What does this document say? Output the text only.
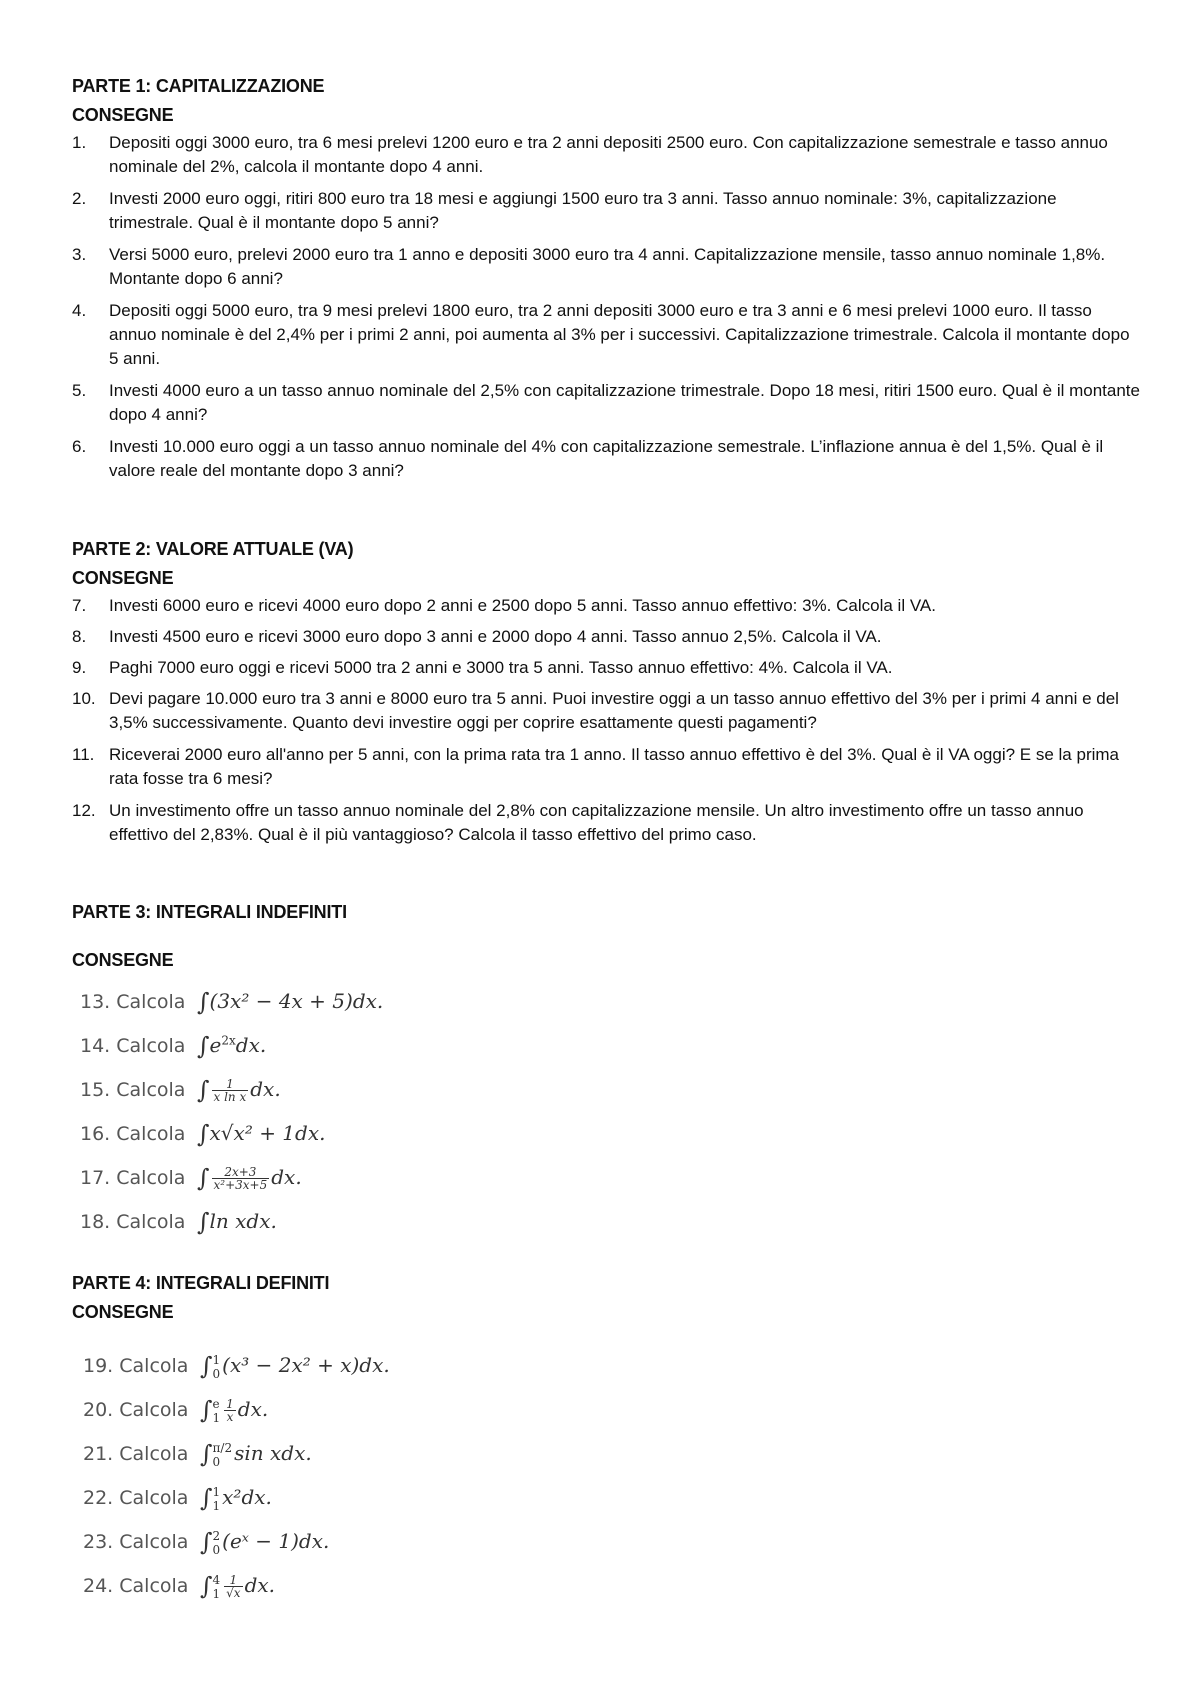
PARTE 1: CAPITALIZZAZIONE
CONSEGNE
1. Depositi oggi 3000 euro, tra 6 mesi prelevi 1200 euro e tra 2 anni depositi 2500 euro. Con capitalizzazione semestrale e tasso annuo nominale del 2%, calcola il montante dopo 4 anni.
2. Investi 2000 euro oggi, ritiri 800 euro tra 18 mesi e aggiungi 1500 euro tra 3 anni. Tasso annuo nominale: 3%, capitalizzazione trimestrale. Qual è il montante dopo 5 anni?
3. Versi 5000 euro, prelevi 2000 euro tra 1 anno e depositi 3000 euro tra 4 anni. Capitalizzazione mensile, tasso annuo nominale 1,8%. Montante dopo 6 anni?
4. Depositi oggi 5000 euro, tra 9 mesi prelevi 1800 euro, tra 2 anni depositi 3000 euro e tra 3 anni e 6 mesi prelevi 1000 euro. Il tasso annuo nominale è del 2,4% per i primi 2 anni, poi aumenta al 3% per i successivi. Capitalizzazione trimestrale. Calcola il montante dopo 5 anni.
5. Investi 4000 euro a un tasso annuo nominale del 2,5% con capitalizzazione trimestrale. Dopo 18 mesi, ritiri 1500 euro. Qual è il montante dopo 4 anni?
6. Investi 10.000 euro oggi a un tasso annuo nominale del 4% con capitalizzazione semestrale. L’inflazione annua è del 1,5%. Qual è il valore reale del montante dopo 3 anni?
PARTE 2: VALORE ATTUALE (VA)
CONSEGNE
7. Investi 6000 euro e ricevi 4000 euro dopo 2 anni e 2500 dopo 5 anni. Tasso annuo effettivo: 3%. Calcola il VA.
8. Investi 4500 euro e ricevi 3000 euro dopo 3 anni e 2000 dopo 4 anni. Tasso annuo 2,5%. Calcola il VA.
9. Paghi 7000 euro oggi e ricevi 5000 tra 2 anni e 3000 tra 5 anni. Tasso annuo effettivo: 4%. Calcola il VA.
10. Devi pagare 10.000 euro tra 3 anni e 8000 euro tra 5 anni. Puoi investire oggi a un tasso annuo effettivo del 3% per i primi 4 anni e del 3,5% successivamente. Quanto devi investire oggi per coprire esattamente questi pagamenti?
11. Riceverai 2000 euro all'anno per 5 anni, con la prima rata tra 1 anno. Il tasso annuo effettivo è del 3%. Qual è il VA oggi? E se la prima rata fosse tra 6 mesi?
12. Un investimento offre un tasso annuo nominale del 2,8% con capitalizzazione mensile. Un altro investimento offre un tasso annuo effettivo del 2,83%. Qual è il più vantaggioso? Calcola il tasso effettivo del primo caso.
PARTE 3: INTEGRALI INDEFINITI
CONSEGNE
13. Calcola ∫(3x² − 4x + 5)dx.
14. Calcola $\int e^{2x}dx$.
15. Calcola ∫ $\frac{1}{\text{x ln x}}$ dx.
16. Calcola ∫x√x² + 1dx.
17. Calcola ∫ $\frac{2x+3}{\text{x²+3x+5}}$ dx.
18. Calcola ∫ln xdx.
PARTE 4: INTEGRALI DEFINITI
CONSEGNE
19. Calcola ∫ 1
0 (x³ − 2x² + x)dx.
20. Calcola ∫ e
$1 \frac{1}{x}$ dx.
21. Calcola ∫ π/2
0 sin xdx.
22. Calcola ∫ 1
1 x²dx.
23. Calcola ∫ 2
0 (eˣ − 1)dx.
24. Calcola ∫ 4
$1 \frac{1}{√x}$ dx.
